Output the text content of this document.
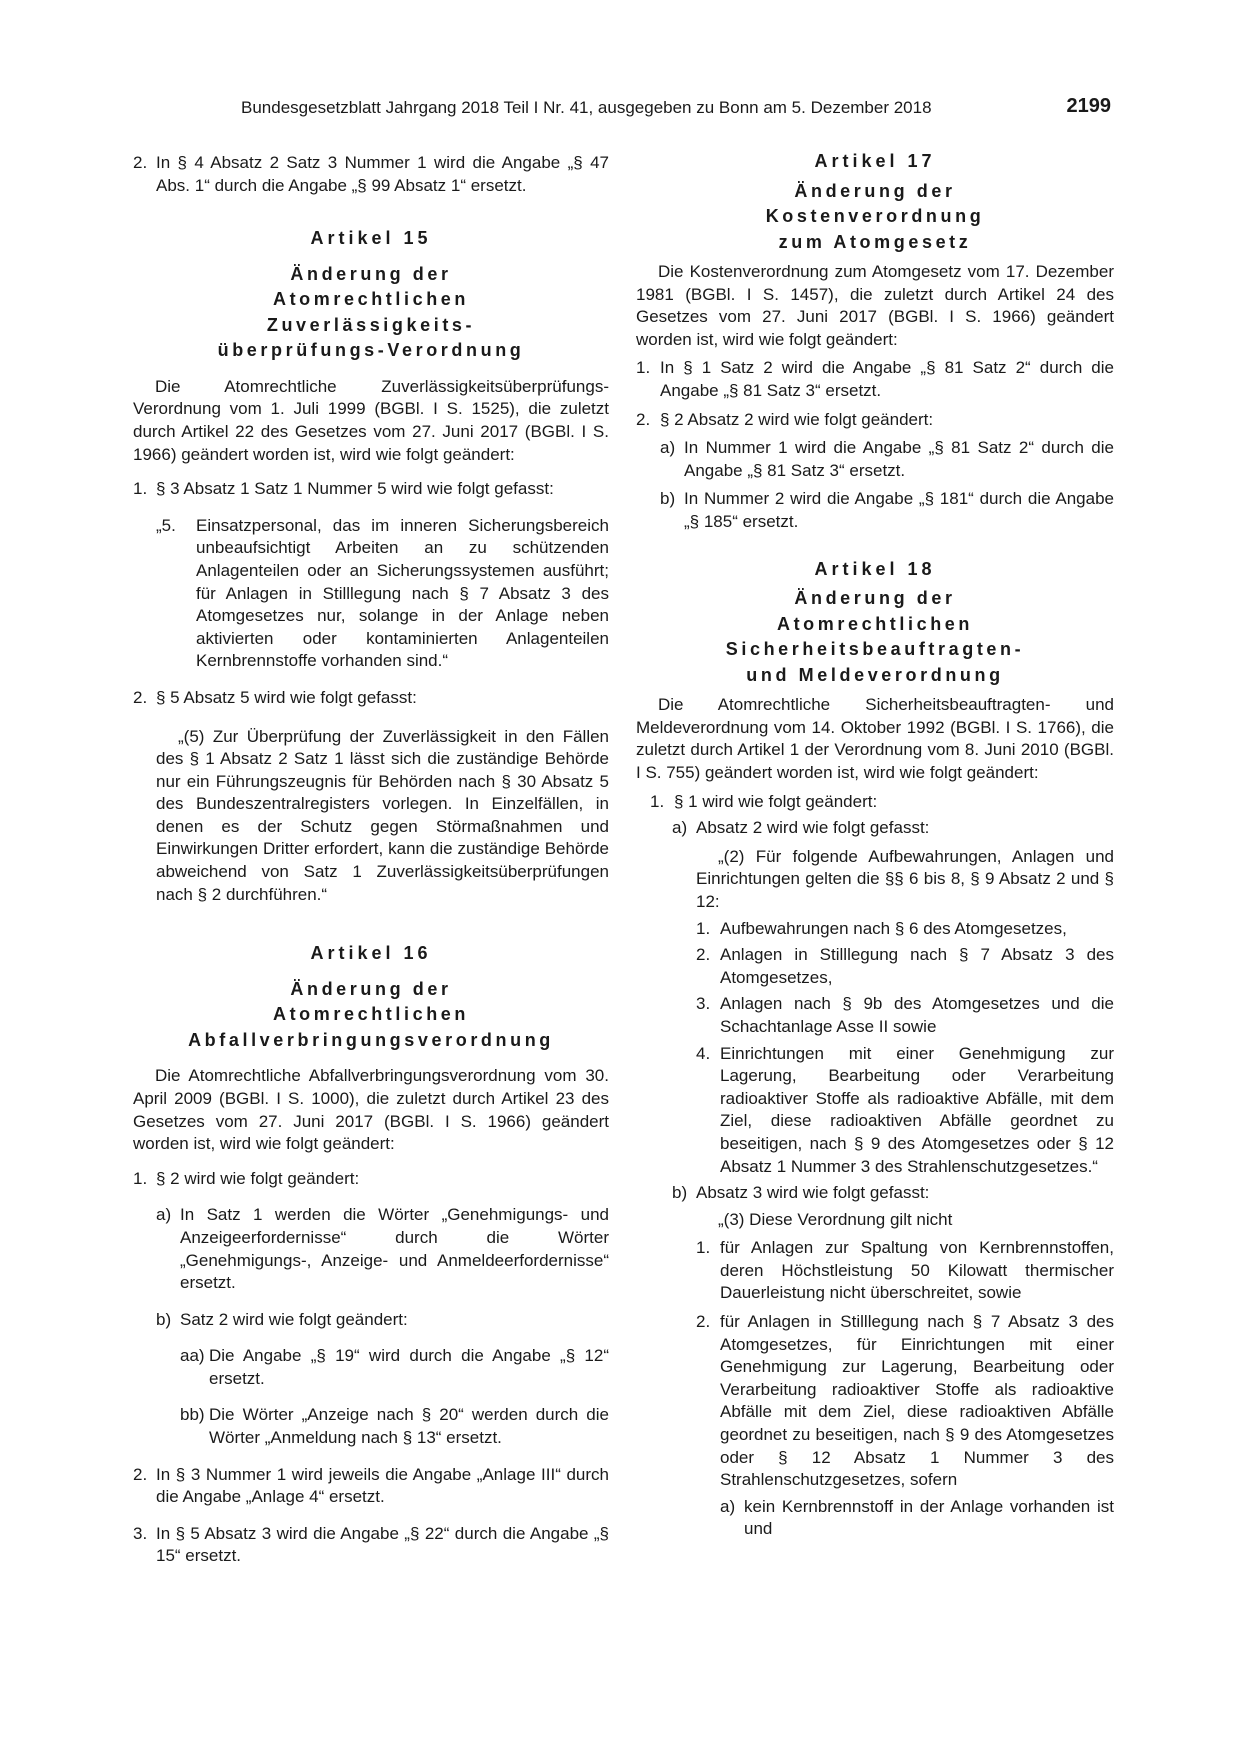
Bundesgesetzblatt Jahrgang 2018 Teil I Nr. 41, ausgegeben zu Bonn am 5. Dezember 2018	2199
2. In § 4 Absatz 2 Satz 3 Nummer 1 wird die Angabe „§ 47 Abs. 1“ durch die Angabe „§ 99 Absatz 1“ ersetzt.

Artikel 15
Änderung der
Atomrechtlichen
Zuverlässigkeits-
überprüfungs-Verordnung

Die Atomrechtliche Zuverlässigkeitsüberprüfungs-Verordnung vom 1. Juli 1999 (BGBl. I S. 1525), die zuletzt durch Artikel 22 des Gesetzes vom 27. Juni 2017 (BGBl. I S. 1966) geändert worden ist, wird wie folgt geändert:

1. § 3 Absatz 1 Satz 1 Nummer 5 wird wie folgt gefasst:

„5. Einsatzpersonal, das im inneren Sicherungsbereich unbeaufsichtigt Arbeiten an zu schützenden Anlagenteilen oder an Sicherungssystemen ausführt; für Anlagen in Stilllegung nach § 7 Absatz 3 des Atomgesetzes nur, solange in der Anlage neben aktivierten oder kontaminierten Anlagenteilen Kernbrennstoffe vorhanden sind.“

2. § 5 Absatz 5 wird wie folgt gefasst:

„(5) Zur Überprüfung der Zuverlässigkeit in den Fällen des § 1 Absatz 2 Satz 1 lässt sich die zuständige Behörde nur ein Führungszeugnis für Behörden nach § 30 Absatz 5 des Bundeszentralregisters vorlegen. In Einzelfällen, in denen es der Schutz gegen Störmaßnahmen und Einwirkungen Dritter erfordert, kann die zuständige Behörde abweichend von Satz 1 Zuverlässigkeitsüberprüfungen nach § 2 durchführen.“

Artikel 16
Änderung der
Atomrechtlichen
Abfallverbringungsverordnung

Die Atomrechtliche Abfallverbringungsverordnung vom 30. April 2009 (BGBl. I S. 1000), die zuletzt durch Artikel 23 des Gesetzes vom 27. Juni 2017 (BGBl. I S. 1966) geändert worden ist, wird wie folgt geändert:

1. § 2 wird wie folgt geändert:

a) In Satz 1 werden die Wörter „Genehmigungs- und Anzeigeerfordernisse“ durch die Wörter „Genehmigungs-, Anzeige- und Anmeldeerfordernisse“ ersetzt.

b) Satz 2 wird wie folgt geändert:

aa) Die Angabe „§ 19“ wird durch die Angabe „§ 12“ ersetzt.

bb) Die Wörter „Anzeige nach § 20“ werden durch die Wörter „Anmeldung nach § 13“ ersetzt.

2. In § 3 Nummer 1 wird jeweils die Angabe „Anlage III“ durch die Angabe „Anlage 4“ ersetzt.

3. In § 5 Absatz 3 wird die Angabe „§ 22“ durch die Angabe „§ 15“ ersetzt.

Artikel 17
Änderung der
Kostenverordnung
zum Atomgesetz

Die Kostenverordnung zum Atomgesetz vom 17. Dezember 1981 (BGBl. I S. 1457), die zuletzt durch Artikel 24 des Gesetzes vom 27. Juni 2017 (BGBl. I S. 1966) geändert worden ist, wird wie folgt geändert:

1. In § 1 Satz 2 wird die Angabe „§ 81 Satz 2“ durch die Angabe „§ 81 Satz 3“ ersetzt.

2. § 2 Absatz 2 wird wie folgt geändert:

a) In Nummer 1 wird die Angabe „§ 81 Satz 2“ durch die Angabe „§ 81 Satz 3“ ersetzt.

b) In Nummer 2 wird die Angabe „§ 181“ durch die Angabe „§ 185“ ersetzt.

Artikel 18
Änderung der
Atomrechtlichen
Sicherheitsbeauftragten-
und Meldeverordnung

Die Atomrechtliche Sicherheitsbeauftragten- und Meldeverordnung vom 14. Oktober 1992 (BGBl. I S. 1766), die zuletzt durch Artikel 1 der Verordnung vom 8. Juni 2010 (BGBl. I S. 755) geändert worden ist, wird wie folgt geändert:

1. § 1 wird wie folgt geändert:

a) Absatz 2 wird wie folgt gefasst:

„(2) Für folgende Aufbewahrungen, Anlagen und Einrichtungen gelten die §§ 6 bis 8, § 9 Absatz 2 und § 12:

1. Aufbewahrungen nach § 6 des Atomgesetzes,

2. Anlagen in Stilllegung nach § 7 Absatz 3 des Atomgesetzes,

3. Anlagen nach § 9b des Atomgesetzes und die Schachtanlage Asse II sowie

4. Einrichtungen mit einer Genehmigung zur Lagerung, Bearbeitung oder Verarbeitung radioaktiver Stoffe als radioaktive Abfälle, mit dem Ziel, diese radioaktiven Abfälle geordnet zu beseitigen, nach § 9 des Atomgesetzes oder § 12 Absatz 1 Nummer 3 des Strahlenschutzgesetzes.“

b) Absatz 3 wird wie folgt gefasst:

„(3) Diese Verordnung gilt nicht

1. für Anlagen zur Spaltung von Kernbrennstoffen, deren Höchstleistung 50 Kilowatt thermischer Dauerleistung nicht überschreitet, sowie

2. für Anlagen in Stilllegung nach § 7 Absatz 3 des Atomgesetzes, für Einrichtungen mit einer Genehmigung zur Lagerung, Bearbeitung oder Verarbeitung radioaktiver Stoffe als radioaktive Abfälle mit dem Ziel, diese radioaktiven Abfälle geordnet zu beseitigen, nach § 9 des Atomgesetzes oder § 12 Absatz 1 Nummer 3 des Strahlenschutzgesetzes, sofern

a) kein Kernbrennstoff in der Anlage vorhanden ist und
